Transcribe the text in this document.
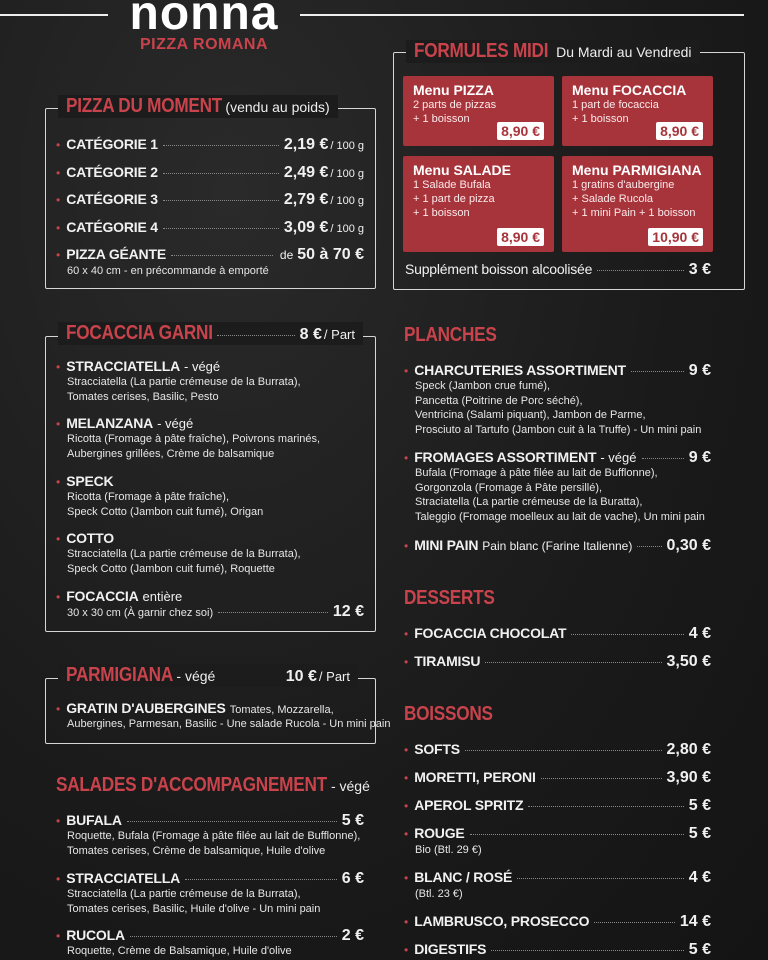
nonna
PIZZA ROMANA	FORMULES MIDI Du Mardi au Vendredi
Menu PIZZA
2 parts de pizzas
+ 1 boisson
8,90 €
Menu FOCACCIA
1 part de focaccia
+ 1 boisson
8,90 €
Menu SALADE
1 Salade Bufala
+ 1 part de pizza
+ 1 boisson
8,90 €
Menu PARMIGIANA
1 gratins d'aubergine
+ Salade Rucola
+ 1 mini Pain + 1 boisson
10,90 €
Supplément boisson alcoolisée	3 €
PIZZA DU MOMENT (vendu au poids)
• CATÉGORIE 1	2,19 € / 100 g
• CATÉGORIE 2	2,49 € / 100 g
• CATÉGORIE 3	2,79 € / 100 g
• CATÉGORIE 4	3,09 € / 100 g
• PIZZA GÉANTE	de 50 à 70 €
60 x 40 cm - en précommande à emporté
FOCACCIA GARNI	8 € / Part
• STRACCIATELLA - végé
Stracciatella (La partie crémeuse de la Burrata),
Tomates cerises, Basilic, Pesto
• MELANZANA - végé
Ricotta (Fromage à pâte fraîche), Poivrons marinés,
Aubergines grillées, Crème de balsamique
• SPECK
Ricotta (Fromage à pâte fraîche),
Speck Cotto (Jambon cuit fumé), Origan
• COTTO
Stracciatella (La partie crémeuse de la Burrata),
Speck Cotto (Jambon cuit fumé), Roquette
• FOCACCIA entière
30 x 30 cm (À garnir chez soi)	12 €
PARMIGIANA - végé	10 € / Part
• GRATIN D'AUBERGINES Tomates, Mozzarella,
Aubergines, Parmesan, Basilic - Une salade Rucola - Un mini pain
SALADES D'ACCOMPAGNEMENT - végé
• BUFALA	5 €
Roquette, Bufala (Fromage à pâte filée au lait de Bufflonne),
Tomates cerises, Crème de balsamique, Huile d'olive
• STRACCIATELLA	6 €
Stracciatella (La partie crémeuse de la Burrata),
Tomates cerises, Basilic, Huile d'olive - Un mini pain
• RUCOLA	2 €
Roquette, Crème de Balsamique, Huile d'olive
PLANCHES
• CHARCUTERIES ASSORTIMENT	9 €
Speck (Jambon crue fumé),
Pancetta (Poitrine de Porc séché),
Ventricina (Salami piquant), Jambon de Parme,
Prosciuto al Tartufo (Jambon cuit à la Truffe) - Un mini pain
• FROMAGES ASSORTIMENT - végé	9 €
Bufala (Fromage à pâte filée au lait de Bufflonne),
Gorgonzola (Fromage à Pâte persillé),
Straciatella (La partie crémeuse de la Buratta),
Taleggio (Fromage moelleux au lait de vache), Un mini pain
• MINI PAIN Pain blanc (Farine Italienne) 0,30 €
DESSERTS
• FOCACCIA CHOCOLAT	4 €
• TIRAMISU	3,50 €
BOISSONS
• SOFTS	2,80 €
• MORETTI, PERONI	3,90 €
• APEROL SPRITZ	5 €
• ROUGE	5 €
Bio (Btl. 29 €)
• BLANC / ROSÉ	4 €
(Btl. 23 €)
• LAMBRUSCO, PROSECCO	14 €
• DIGESTIFS	5 €
